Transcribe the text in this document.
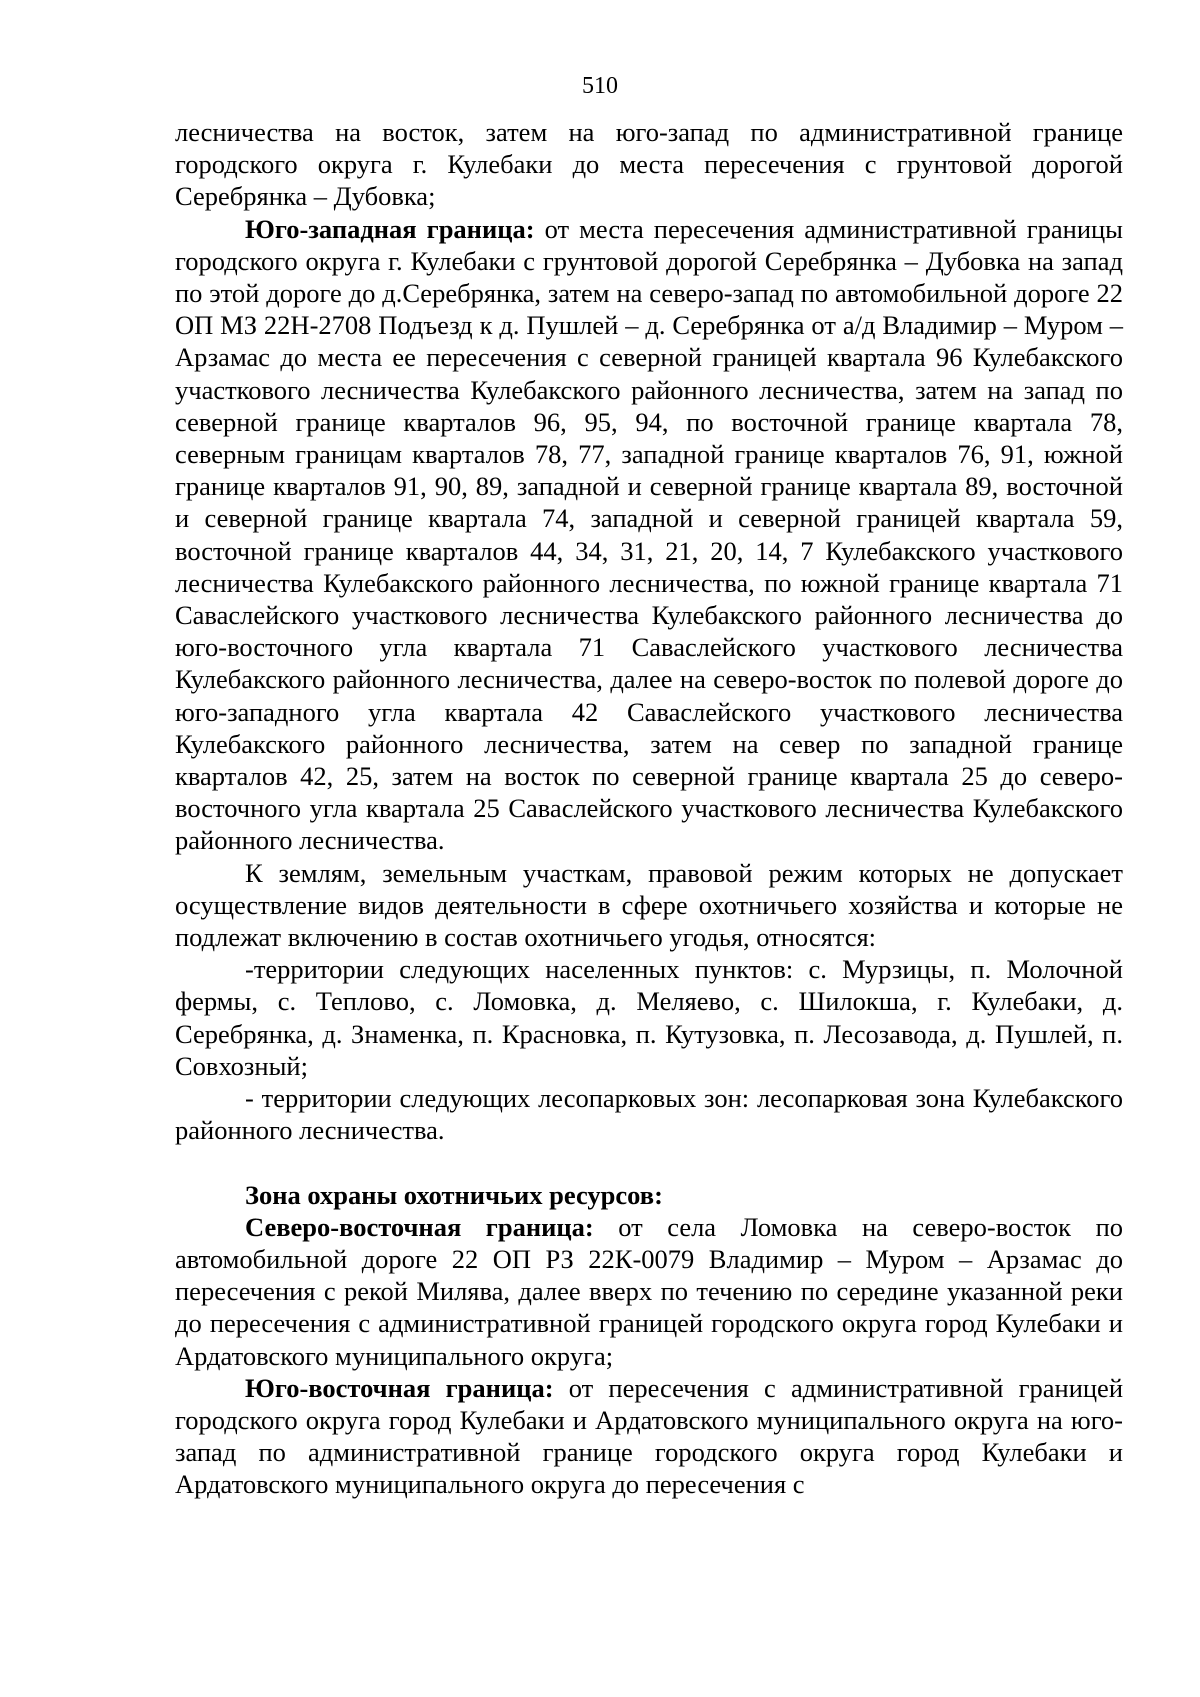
510

лесничества на восток, затем на юго-запад по административной границе городского округа г. Кулебаки до места пересечения с грунтовой дорогой Серебрянка – Дубовка;

Юго-западная граница: от места пересечения административной границы городского округа г. Кулебаки с грунтовой дорогой Серебрянка – Дубовка на запад по этой дороге до д.Серебрянка, затем на северо-запад по автомобильной дороге 22 ОП МЗ 22Н-2708 Подъезд к д. Пушлей – д. Серебрянка от а/д Владимир – Муром – Арзамас до места ее пересечения с северной границей квартала 96 Кулебакского участкового лесничества Кулебакского районного лесничества, затем на запад по северной границе кварталов 96, 95, 94, по восточной границе квартала 78, северным границам кварталов 78, 77, западной границе кварталов 76, 91, южной границе кварталов 91, 90, 89, западной и северной границе квартала 89, восточной и северной границе квартала 74, западной и северной границей квартала 59, восточной границе кварталов 44, 34, 31, 21, 20, 14, 7 Кулебакского участкового лесничества Кулебакского районного лесничества, по южной границе квартала 71 Саваслейского участкового лесничества Кулебакского районного лесничества до юго-восточного угла квартала 71 Саваслейского участкового лесничества Кулебакского районного лесничества, далее на северо-восток по полевой дороге до юго-западного угла квартала 42 Саваслейского участкового лесничества Кулебакского районного лесничества, затем на север по западной границе кварталов 42, 25, затем на восток по северной границе квартала 25 до северо-восточного угла квартала 25 Саваслейского участкового лесничества Кулебакского районного лесничества.

К землям, земельным участкам, правовой режим которых не допускает осуществление видов деятельности в сфере охотничьего хозяйства и которые не подлежат включению в состав охотничьего угодья, относятся:

-территории следующих населенных пунктов: с. Мурзицы, п. Молочной фермы, с. Теплово, с. Ломовка, д. Меляево, с. Шилокша, г. Кулебаки, д. Серебрянка, д. Знаменка, п. Красновка, п. Кутузовка, п. Лесозавода, д. Пушлей, п. Совхозный;

- территории следующих лесопарковых зон: лесопарковая зона Кулебакского районного лесничества.

Зона охраны охотничьих ресурсов:

Северо-восточная граница: от села Ломовка на северо-восток по автомобильной дороге 22 ОП РЗ 22К-0079 Владимир – Муром – Арзамас до пересечения с рекой Милява, далее вверх по течению по середине указанной реки до пересечения с административной границей городского округа город Кулебаки и Ардатовского муниципального округа;

Юго-восточная граница: от пересечения с административной границей городского округа город Кулебаки и Ардатовского муниципального округа на юго-запад по административной границе городского округа город Кулебаки и Ардатовского муниципального округа до пересечения с
